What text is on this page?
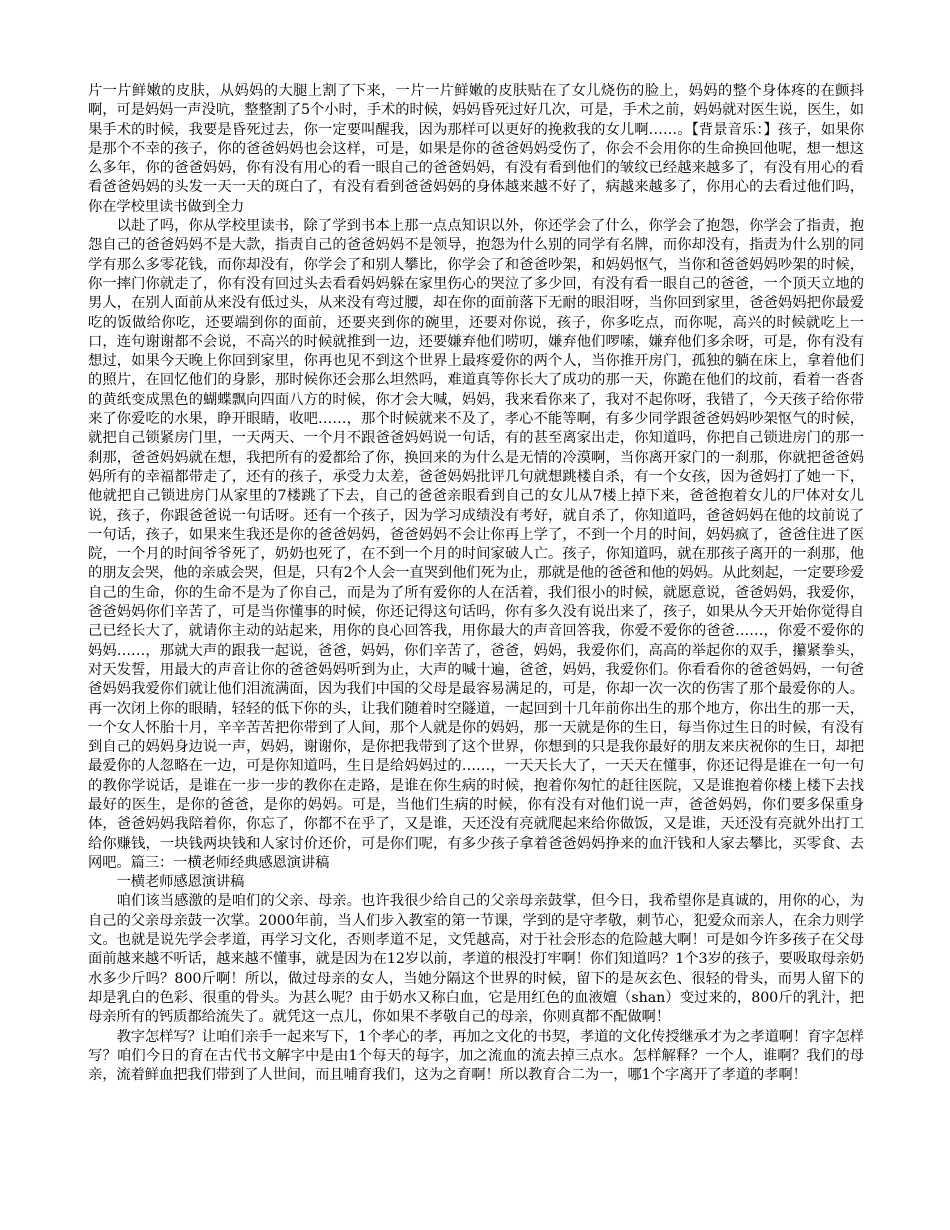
片一片鲜嫩的皮肤，从妈妈的大腿上割了下来，一片一片鲜嫩的皮肤贴在了女儿烧伤的脸上，妈妈的整个身体疼的在颤抖啊，可是妈妈一声没吭，整整割了5个小时，手术的时候，妈妈昏死过好几次，可是，手术之前，妈妈就对医生说，医生，如果手术的时候，我要是昏死过去，你一定要叫醒我，因为那样可以更好的挽救我的女儿啊……。【背景音乐：】孩子，如果你是那个不幸的孩子，你的爸爸妈妈也会这样，可是，如果是你的爸爸妈妈受伤了，你会不会用你的生命换回他呢，想一想这么多年，你的爸爸妈妈，你有没有用心的看一眼自己的爸爸妈妈，有没有看到他们的皱纹已经越来越多了，有没有用心的看看爸爸妈妈的头发一天一天的斑白了，有没有看到爸爸妈妈的身体越来越不好了，病越来越多了，你用心的去看过他们吗，你在学校里读书做到全力

以赴了吗，你从学校里读书，除了学到书本上那一点点知识以外，你还学会了什么，你学会了抱怨，你学会了指责，抱怨自己的爸爸妈妈不是大款，指责自己的爸爸妈妈不是领导，抱怨为什么别的同学有名牌，而你却没有，指责为什么别的同学有那么多零花钱，而你却没有，你学会了和别人攀比，你学会了和爸爸吵架，和妈妈怄气，当你和爸爸妈妈吵架的时候，你一摔门你就走了，你有没有回过头去看看妈妈躲在家里伤心的哭泣了多少回，有没有看一眼自己的爸爸，一个顶天立地的男人，在别人面前从来没有低过头，从来没有弯过腰，却在你的面前落下无耐的眼泪呀，当你回到家里，爸爸妈妈把你最爱吃的饭做给你吃，还要端到你的面前，还要夹到你的碗里，还要对你说，孩子，你多吃点，而你呢，高兴的时候就吃上一口，连句谢谢都不会说，不高兴的时候就推到一边，还要嫌弃他们唠叨，嫌弃他们啰嗦，嫌弃他们多余呀，可是，你有没有想过，如果今天晚上你回到家里，你再也见不到这个世界上最疼爱你的两个人，当你推开房门，孤独的躺在床上，拿着他们的照片，在回忆他们的身影，那时候你还会那么坦然吗，难道真等你长大了成功的那一天，你跪在他们的坟前，看着一沓沓的黄纸变成黑色的蝴蝶飘向四面八方的时候，你才会大喊，妈妈，我来看你来了，我对不起你呀，我错了，今天孩子给你带来了你爱吃的水果，睁开眼睛，收吧……，那个时候就来不及了，孝心不能等啊，有多少同学跟爸爸妈妈吵架怄气的时候，就把自己锁紧房门里，一天两天、一个月不跟爸爸妈妈说一句话，有的甚至离家出走，你知道吗，你把自己锁进房门的那一刹那，爸爸妈妈就在想，我把所有的爱都给了你，换回来的为什么是无情的冷漠啊，当你离开家门的一刹那，你就把爸爸妈妈所有的幸福都带走了，还有的孩子，承受力太差，爸爸妈妈批评几句就想跳楼自杀，有一个女孩，因为爸妈打了她一下，他就把自己锁进房门从家里的7楼跳了下去，自己的爸爸亲眼看到自己的女儿从7楼上掉下来，爸爸抱着女儿的尸体对女儿说，孩子，你跟爸爸说一句话呀。还有一个孩子，因为学习成绩没有考好，就自杀了，你知道吗，爸爸妈妈在他的坟前说了一句话，孩子，如果来生我还是你的爸爸妈妈，爸爸妈妈不会让你再上学了，不到一个月的时间，妈妈疯了，爸爸住进了医院，一个月的时间爷爷死了，奶奶也死了，在不到一个月的时间家破人亡。孩子，你知道吗，就在那孩子离开的一刹那，他的朋友会哭，他的亲戚会哭，但是，只有2个人会一直哭到他们死为止，那就是他的爸爸和他的妈妈。从此刻起，一定要珍爱自己的生命，你的生命不是为了你自己，而是为了所有爱你的人在活着，我们很小的时候，就愿意说，爸爸妈妈，我爱你，爸爸妈妈你们辛苦了，可是当你懂事的时候，你还记得这句话吗，你有多久没有说出来了，孩子，如果从今天开始你觉得自己已经长大了，就请你主动的站起来，用你的良心回答我，用你最大的声音回答我，你爱不爱你的爸爸……，你爱不爱你的妈妈……，那就大声的跟我一起说，爸爸，妈妈，你们辛苦了，爸爸，妈妈，我爱你们，高高的举起你的双手，攥紧拳头，对天发誓，用最大的声音让你的爸爸妈妈听到为止，大声的喊十遍，爸爸，妈妈，我爱你们。你看看你的爸爸妈妈，一句爸爸妈妈我爱你们就让他们泪流满面，因为我们中国的父母是最容易满足的，可是，你却一次一次的伤害了那个最爱你的人。再一次闭上你的眼睛，轻轻的低下你的头，让我们随着时空隧道，一起回到十几年前你出生的那个地方，你出生的那一天，一个女人怀胎十月，辛辛苦苦把你带到了人间，那个人就是你的妈妈，那一天就是你的生日，每当你过生日的时候，有没有到自己的妈妈身边说一声，妈妈，谢谢你，是你把我带到了这个世界，你想到的只是我你最好的朋友来庆祝你的生日，却把最爱你的人忽略在一边，可是你知道吗，生日是给妈妈过的……，一天天长大了，一天天在懂事，你还记得是谁在一句一句的教你学说话，是谁在一步一步的教你在走路，是谁在你生病的时候，抱着你匆忙的赶往医院，又是谁抱着你楼上楼下去找最好的医生，是你的爸爸，是你的妈妈。可是，当他们生病的时候，你有没有对他们说一声，爸爸妈妈，你们要多保重身体，爸爸妈妈我陪着你，你忘了，你都不在乎了，又是谁，天还没有亮就爬起来给你做饭，又是谁，天还没有亮就外出打工给你赚钱，一块钱两块钱和人家讨价还价，可是你们呢，有多少孩子拿着爸爸妈妈挣来的血汗钱和人家去攀比，买零食、去网吧。篇三：一横老师经典感恩演讲稿

一横老师感恩演讲稿

咱们该当感激的是咱们的父亲、母亲。也许我很少给自己的父亲母亲鼓掌，但今日，我希望你是真诚的，用你的心，为自己的父亲母亲鼓一次掌。2000年前，当人们步入教室的第一节课，学到的是守孝敬，刺节心，犯爱众而亲人，在余力则学文。也就是说先学会孝道，再学习文化，否则孝道不足，文凭越高，对于社会形态的危险越大啊！可是如今许多孩子在父母面前越来越不听话，越来越不懂事，就是因为在12岁以前，孝道的根没打牢啊！你们知道吗？1个3岁的孩子，要吸取母亲奶水多少斤吗？800斤啊！所以，做过母亲的女人，当她分隔这个世界的时候，留下的是灰玄色、很轻的骨头，而男人留下的却是乳白的色彩、很重的骨头。为甚么呢？由于奶水又称白血，它是用红色的血液嬗（shan）变过来的，800斤的乳汁，把母亲所有的钙质都给流失了。就凭这一点儿，你如果不孝敬自己的母亲，你则真都不配做啊！

教字怎样写？让咱们亲手一起来写下，1个孝心的孝，再加之文化的书契，孝道的文化传授继承才为之孝道啊！育字怎样写？咱们今日的育在古代书文解字中是由1个每天的每字，加之流血的流去掉三点水。怎样解释？一个人，谁啊？我们的母亲，流着鲜血把我们带到了人世间，而且哺育我们，这为之育啊！所以教育合二为一，哪1个字离开了孝道的孝啊！
